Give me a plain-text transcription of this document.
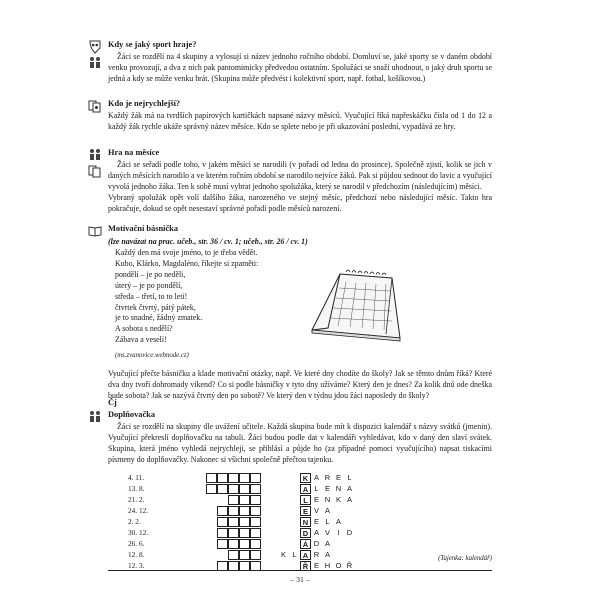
Kdy se jaký sport hraje?
Žáci se rozdělí na 4 skupiny a vylosují si název jednoho ročního období. Domluví se, jaké sporty se v daném období venku provozují, a dva z nich pak pantomimicky předvedou ostatním. Spolužáci se snaží uhodnout, o jaký druh sportu se jedná a kdy se může venku hrát. (Skupina může předvést i kolektivní sport, např. fotbal, košíkovou.)
Kdo je nejrychlejší?
Každý žák má na tvrdších papírových kartičkách napsané názvy měsíců. Vyučující říká napřeskáčku čísla od 1 do 12 a každý žák rychle ukáže správný název měsíce. Kdo se splete nebo je při ukazování poslední, vypadává ze hry.
Hra na měsíce
Žáci se seřadí podle toho, v jakém měsíci se narodili (v pořadí od ledna do prosince). Společně zjistí, kolik se jich v daných měsících narodilo a ve kterém ročním období se narodilo nejvíce žáků. Pak si půjdou sednout do lavic a vyučující vyvolá jednoho žáka. Ten k sobě musí vybrat jednoho spolužáka, který se narodil v předchozím (následujícím) měsíci.
Vybraný spolužák opět volí dalšího žáka, narozeného ve stejný měsíc, předchozí nebo následující měsíc. Takto hra pokračuje, dokud se opět nesestaví správné pořadí podle měsíců narození.
Motivační básnička
(lze navázat na prac. učeb., str. 36 / cv. 1; učeb., str. 26 / cv. 1)
Každý den má svoje jméno, to je třeba vědět.
Kubo, Klárko, Magdaléno, říkejte si zpaměti:
pondělí – je po neděli,
úterý – je po pondělí,
středa – třetí, to to letí!
čtvrtek čtvrtý, pátý pátek,
je to snadné, žádný zmatek.
A sobota s nedělí?
Zábava a veselí!
(ms.zvanovice.webnode.cz)
Vyučující přečte básničku a klade motivační otázky, např. Ve které dny chodíte do školy? Jak se těmto dnům říká? Které dva dny tvoří dohromady víkend? Co si podle básničky v tyto dny užíváme? Který den je dnes? Za kolik dnů ode dneška bude sobota? Jak se nazývá čtvrtý den po sobotě? Ve který den v týdnu jdou žáci naposledy do školy?
Čj
Doplňovačka
Žáci se rozdělí na skupiny dle uvážení učitele. Každá skupina bude mít k dispozici kalendář s názvy svátků (jmenin). Vyučující překreslí doplňovačku na tabuli. Žáci budou podle dat v kalendáři vyhledávat, kdo v daný den slaví svátek. Skupina, která jméno vyhledá nejrychleji, se přihlásí a půjde ho (za případné pomoci vyučujícího) napsat tiskacími písmeny do doplňovačky. Nakonec si všichni společně přečtou tajenku.
4. 11.	K A R E L
13. 8.	A L E N A
21. 2.	L E N K A
24. 12.	E V A
2. 2.	N E L A
30. 12.	D A V I D
26. 6.	Á D A
12. 8.	K L A R A
12. 3.	Ř E H O Ř
(Tajenka: kalendář)
– 31 –
